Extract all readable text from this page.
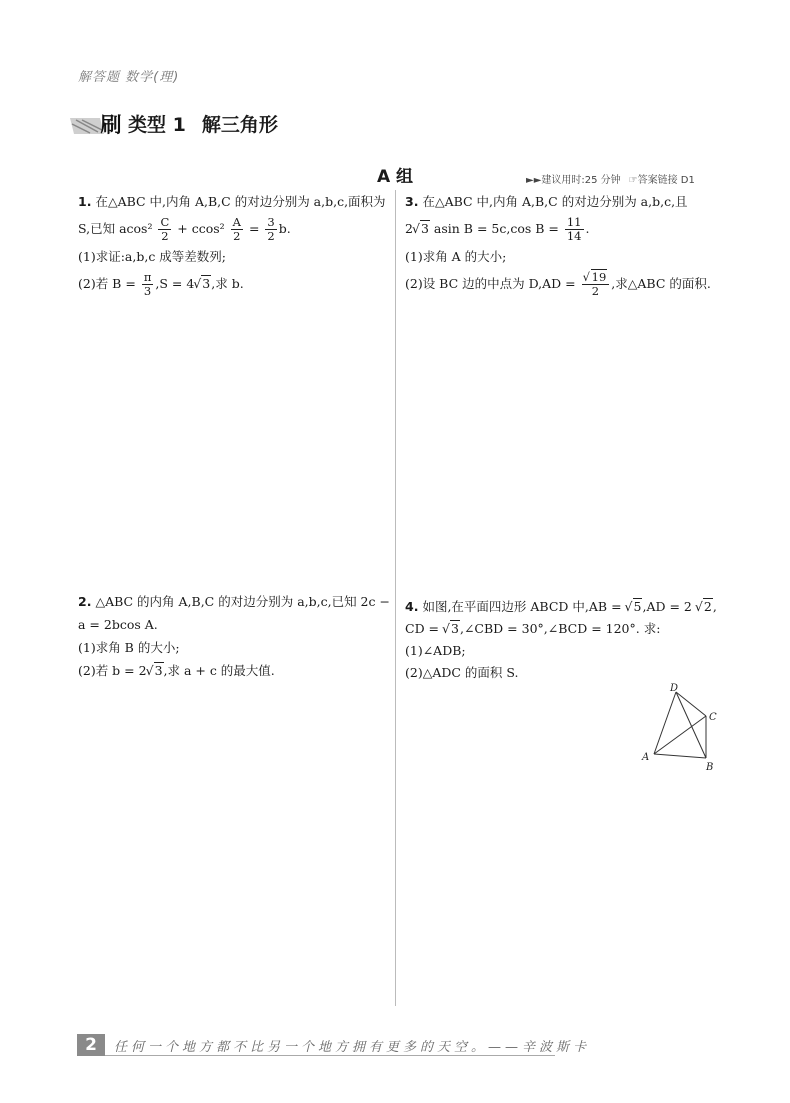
解答题 数学(理)
刷 类型 1 解三角形
A 组	►►建议用时:25 分钟 ☞答案链接 D1
1. 在△ABC 中,内角 A,B,C 的对边分别为 a,b,c,面积为
S,已知 $acos^2 \frac{C}{2} + ccos^2 \frac{A}{2} = \frac{3}{2} b$.
(1)求证:a,b,c 成等差数列;
(2)若 $B = \frac{\pi}{3} ,S = 4√$ 3,求 b.
2. △ABC 的内角 A,B,C 的对边分别为 a,b,c,已知 2c −
a = 2bcos A.
(1)求角 B 的大小;
(2)若 b = 2√ 3,求 a + c 的最大值.
3. 在△ABC 中,内角 A,B,C 的对边分别为 a,b,c,且
2√ 3 asin B = 5c,cos $B = \frac{11}{14}$ .
(1)求角 A 的大小;
(2)设 BC 边的中点为 D,AD =
√ $\frac{19}{2}$ ,求△ABC 的面积.
4. 如图,在平面四边形 ABCD 中,AB = √ 5,AD = 2 √ 2,
CD = √ 3,∠CBD = 30°,∠BCD = 120°. 求:
(1)∠ADB;
(2)△ADC 的面积 S.
A
B
C
D
2	任何一个地方都不比另一个地方拥有更多的天空。——辛波斯卡
